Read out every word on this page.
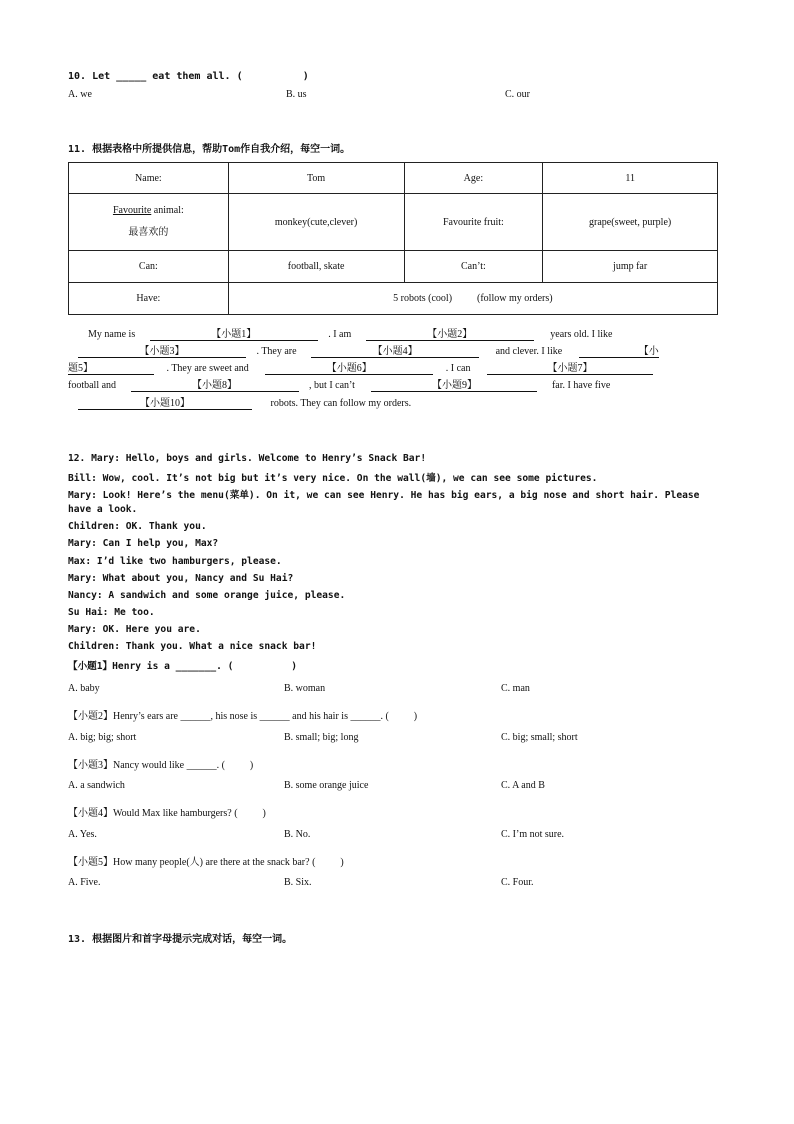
10. Let _____ eat them all. (          )
A. we	B. us	C. our
11. 根据表格中所提供信息，帮助Tom作自我介绍，每空一词。
Name:	Tom	Age:	11
Favourite animal:
最喜欢的	monkey(cute,clever)	Favourite fruit:	grape(sweet, purple)
Can:	football, skate	Can’t:	jump far
Have:	5 robots (cool)          (follow my orders)		
My name is	【小题1】	. I am	【小题2】	years old. I like
【小题3】	. They are	【小题4】	and clever. I like	【小
题5】	. They are sweet and	【小题6】	. I can	【小题7】
football and	【小题8】	, but I can’t	【小题9】	far. I have five
【小题10】	robots. They can follow my orders.
12. Mary: Hello, boys and girls. Welcome to Henry’s Snack Bar!
Bill: Wow, cool. It’s not big but it’s very nice. On the wall(墙), we can see some pictures.
Mary: Look! Here’s the menu(菜单). On it, we can see Henry. He has big ears, a big nose and short hair. Please
have a look.
Children: OK. Thank you.
Mary: Can I help you, Max?
Max: I’d like two hamburgers, please.
Mary: What about you, Nancy and Su Hai?
Nancy: A sandwich and some orange juice, please.
Su Hai: Me too.
Mary: OK. Here you are.
Children: Thank you. What a nice snack bar!
【小题1】Henry is a _______. (          )
A. baby	B. woman	C. man
【小题2】Henry’s ears are ______, his nose is ______ and his hair is ______. (          )
A. big; big; short	B. small; big; long	C. big; small; short
【小题3】Nancy would like ______. (          )
A. a sandwich	B. some orange juice	C. A and B
【小题4】Would Max like hamburgers? (          )
A. Yes.	B. No.	C. I’m not sure.
【小题5】How many people(人) are there at the snack bar? (          )
A. Five.	B. Six.	C. Four.
13. 根据图片和首字母提示完成对话，每空一词。
